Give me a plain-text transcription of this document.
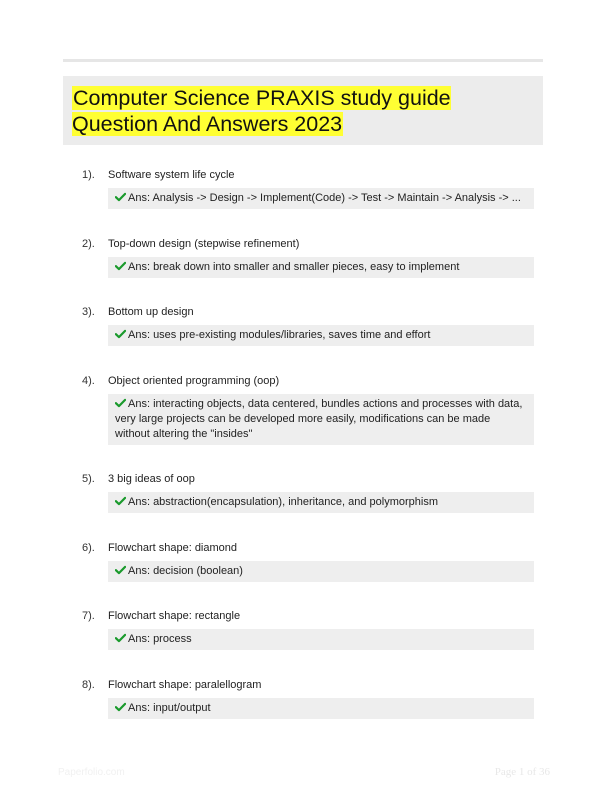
Computer Science PRAXIS study guide Question And Answers 2023
1).	Software system life cycle
Ans: Analysis -> Design -> Implement(Code) -> Test -> Maintain -> Analysis -> ...
2).	Top-down design (stepwise refinement)
Ans: break down into smaller and smaller pieces, easy to implement
3).	Bottom up design
Ans: uses pre-existing modules/libraries, saves time and effort
4).	Object oriented programming (oop)
Ans: interacting objects, data centered, bundles actions and processes with data, very large projects can be developed more easily, modifications can be made without altering the "insides"
5).	3 big ideas of oop
Ans: abstraction(encapsulation), inheritance, and polymorphism
6).	Flowchart shape: diamond
Ans: decision (boolean)
7).	Flowchart shape: rectangle
Ans: process
8).	Flowchart shape: paralellogram
Ans: input/output
Paperfolio.com	Page 1 of 36
